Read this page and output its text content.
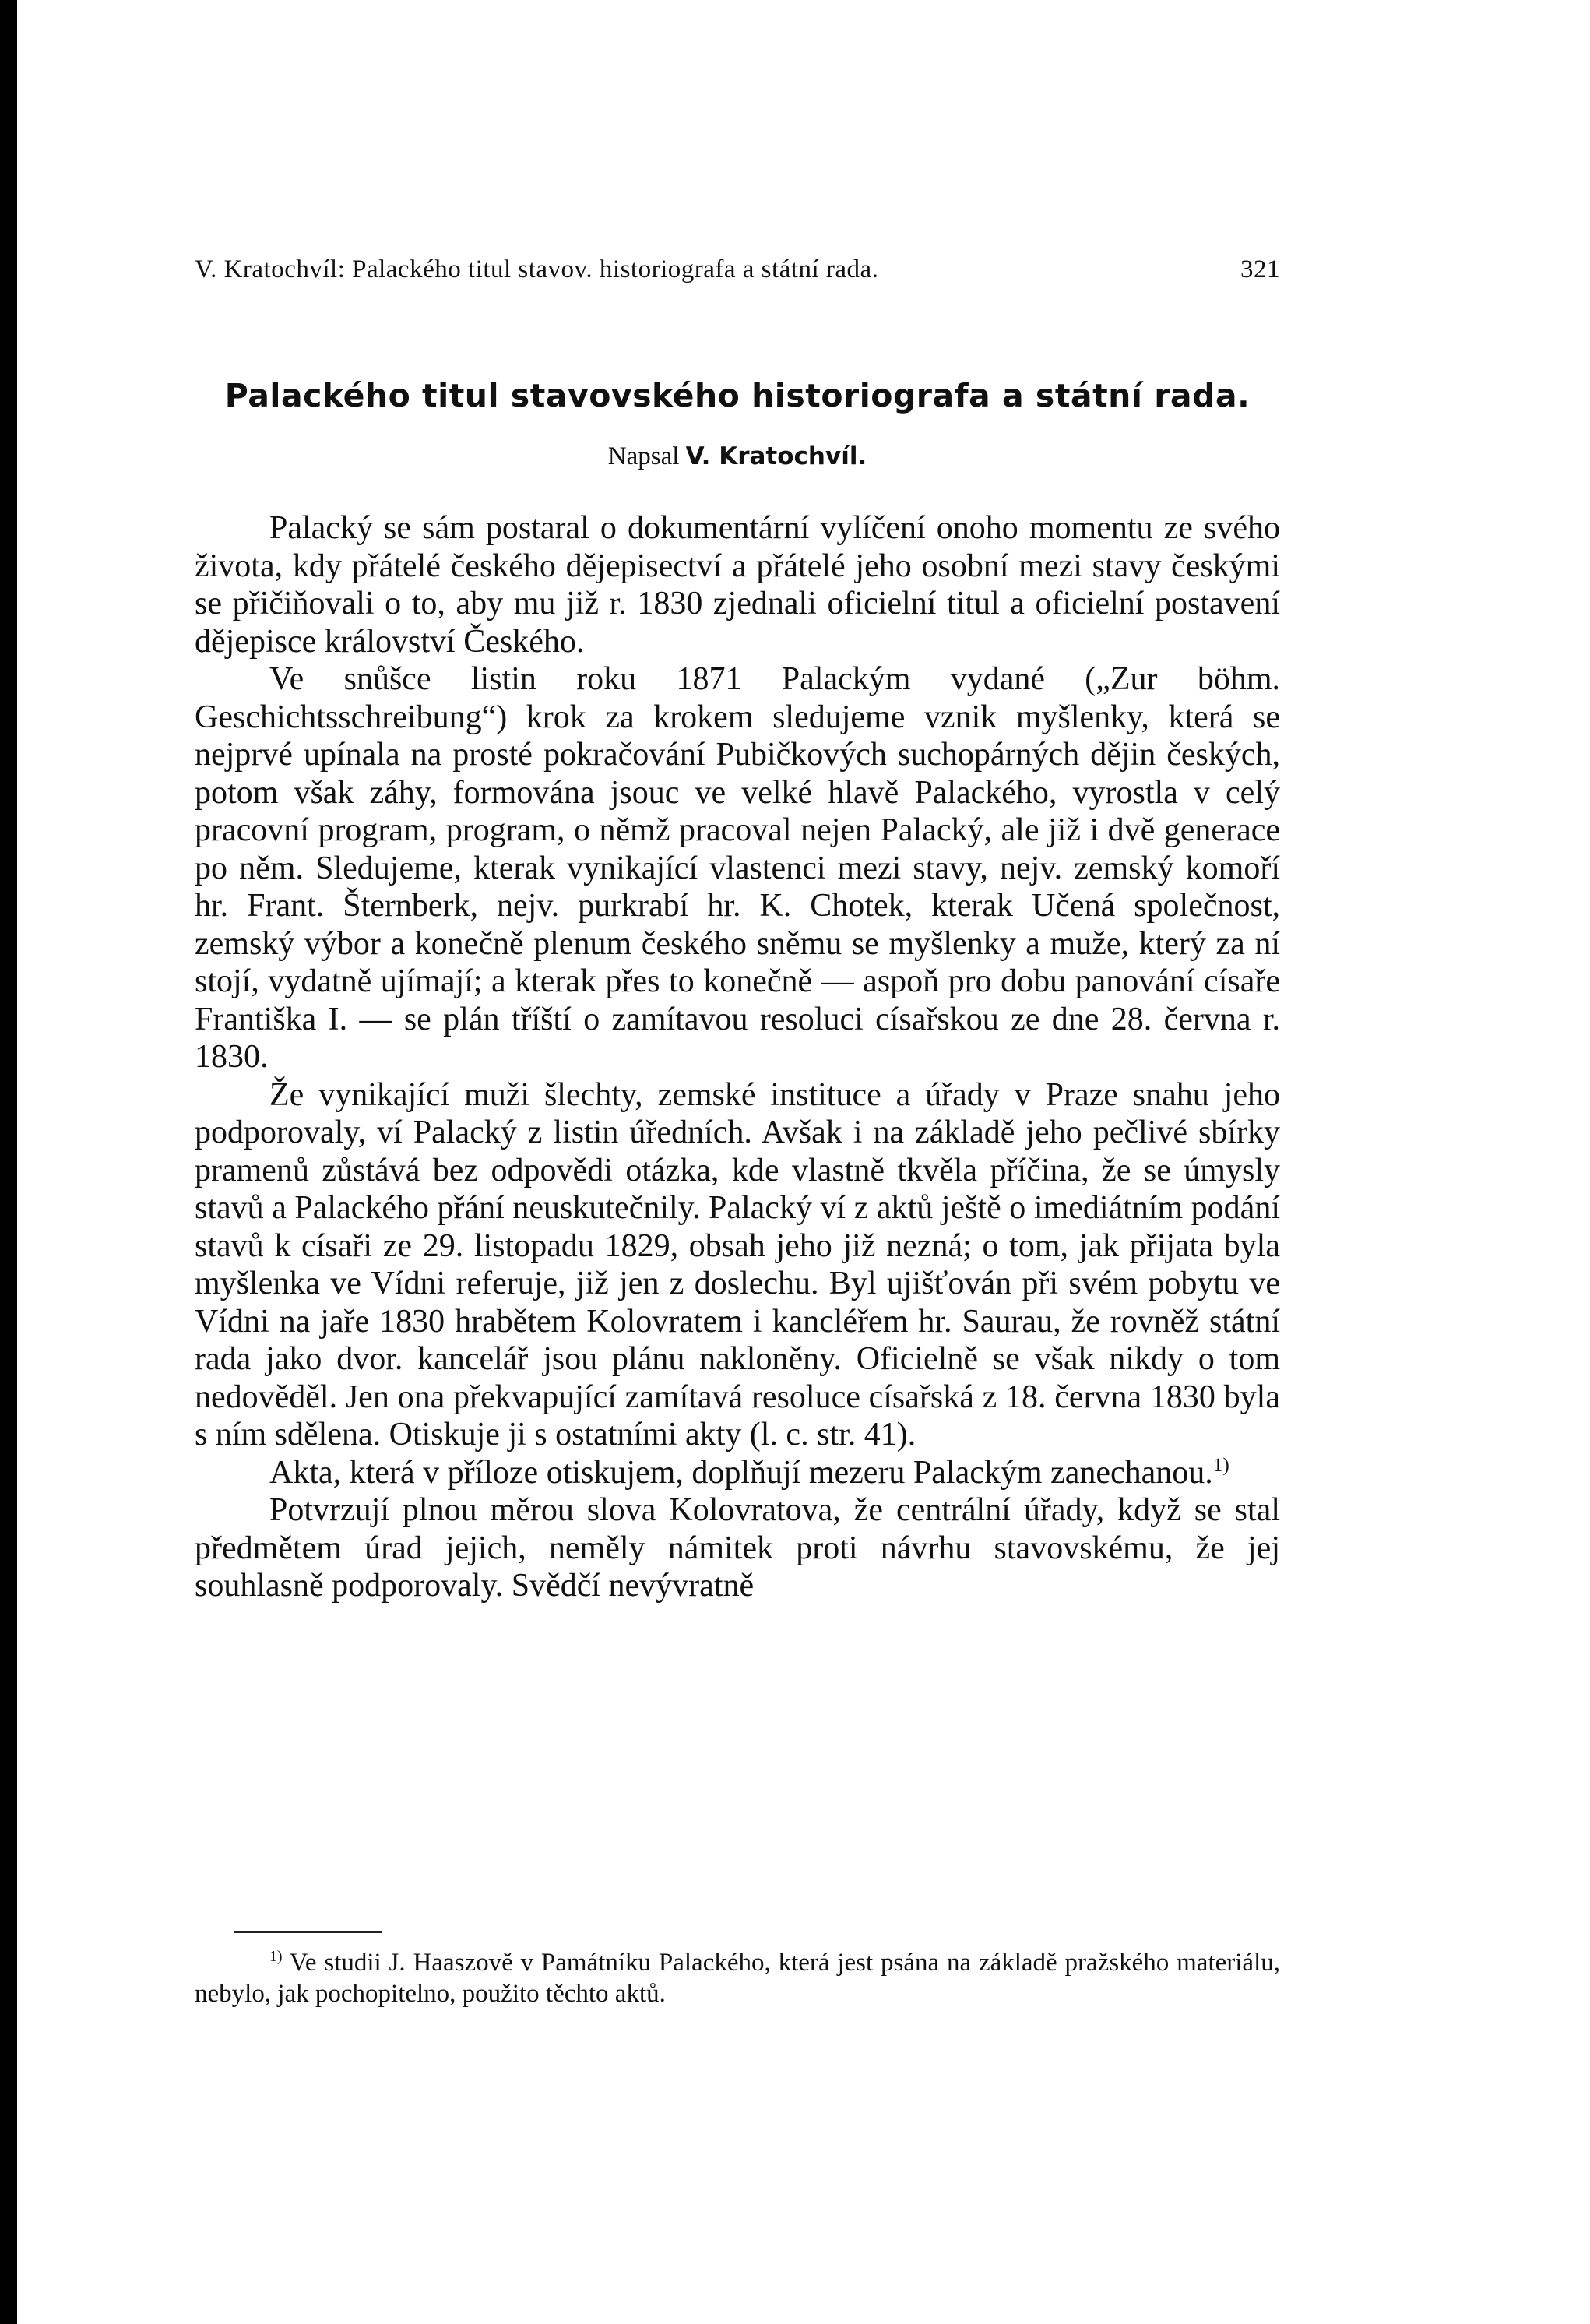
V. Kratochvíl: Palackého titul stavov. historiografa a státní rada.	321
Palackého titul stavovského historiografa a státní rada.
Napsal V. Kratochvíl.

Palacký se sám postaral o dokumentární vylíčení onoho momentu ze svého života, kdy přátelé českého dějepisectví a přátelé jeho osobní mezi stavy českými se přičiňovali o to, aby mu již r. 1830 zjednali oficielní titul a oficielní postavení dějepisce království Českého.

Ve snůšce listin roku 1871 Palackým vydané („Zur böhm. Geschichtsschreibung“) krok za krokem sledujeme vznik myšlenky, která se nejprvé upínala na prosté pokračování Pubičkových suchopárných dějin českých, potom však záhy, formována jsouc ve velké hlavě Palackého, vyrostla v celý pracovní program, program, o němž pracoval nejen Palacký, ale již i dvě generace po něm. Sledujeme, kterak vynikající vlastenci mezi stavy, nejv. zemský komoří hr. Frant. Šternberk, nejv. purkrabí hr. K. Chotek, kterak Učená společnost, zemský výbor a konečně plenum českého sněmu se myšlenky a muže, který za ní stojí, vydatně ujímají; a kterak přes to konečně — aspoň pro dobu panování císaře Františka I. — se plán tříští o zamítavou resoluci císařskou ze dne 28. června r. 1830.

Že vynikající muži šlechty, zemské instituce a úřady v Praze snahu jeho podporovaly, ví Palacký z listin úředních. Avšak i na základě jeho pečlivé sbírky pramenů zůstává bez odpovědi otázka, kde vlastně tkvěla příčina, že se úmysly stavů a Palackého přání neuskutečnily. Palacký ví z aktů ještě o imediátním podání stavů k císaři ze 29. listopadu 1829, obsah jeho již nezná; o tom, jak přijata byla myšlenka ve Vídni referuje, již jen z doslechu. Byl ujišťován při svém pobytu ve Vídni na jaře 1830 hrabětem Kolovratem i kancléřem hr. Saurau, že rovněž státní rada jako dvor. kancelář jsou plánu nakloněny. Oficielně se však nikdy o tom nedověděl. Jen ona překvapující zamítavá resoluce císařská z 18. června 1830 byla s ním sdělena. Otiskuje ji s ostatními akty (l. c. str. 41).

Akta, která v příloze otiskujem, doplňují mezeru Palackým zanechanou.$^{1)}$

Potvrzují plnou měrou slova Kolovratova, že centrální úřady, když se stal předmětem úrad jejich, neměly námitek proti návrhu stavovskému, že jej souhlasně podporovaly. Svědčí nevývratně

$^{1)}$ Ve studii J. Haaszově v Památníku Palackého, která jest psána na základě pražského materiálu, nebylo, jak pochopitelno, použito těchto aktů.
